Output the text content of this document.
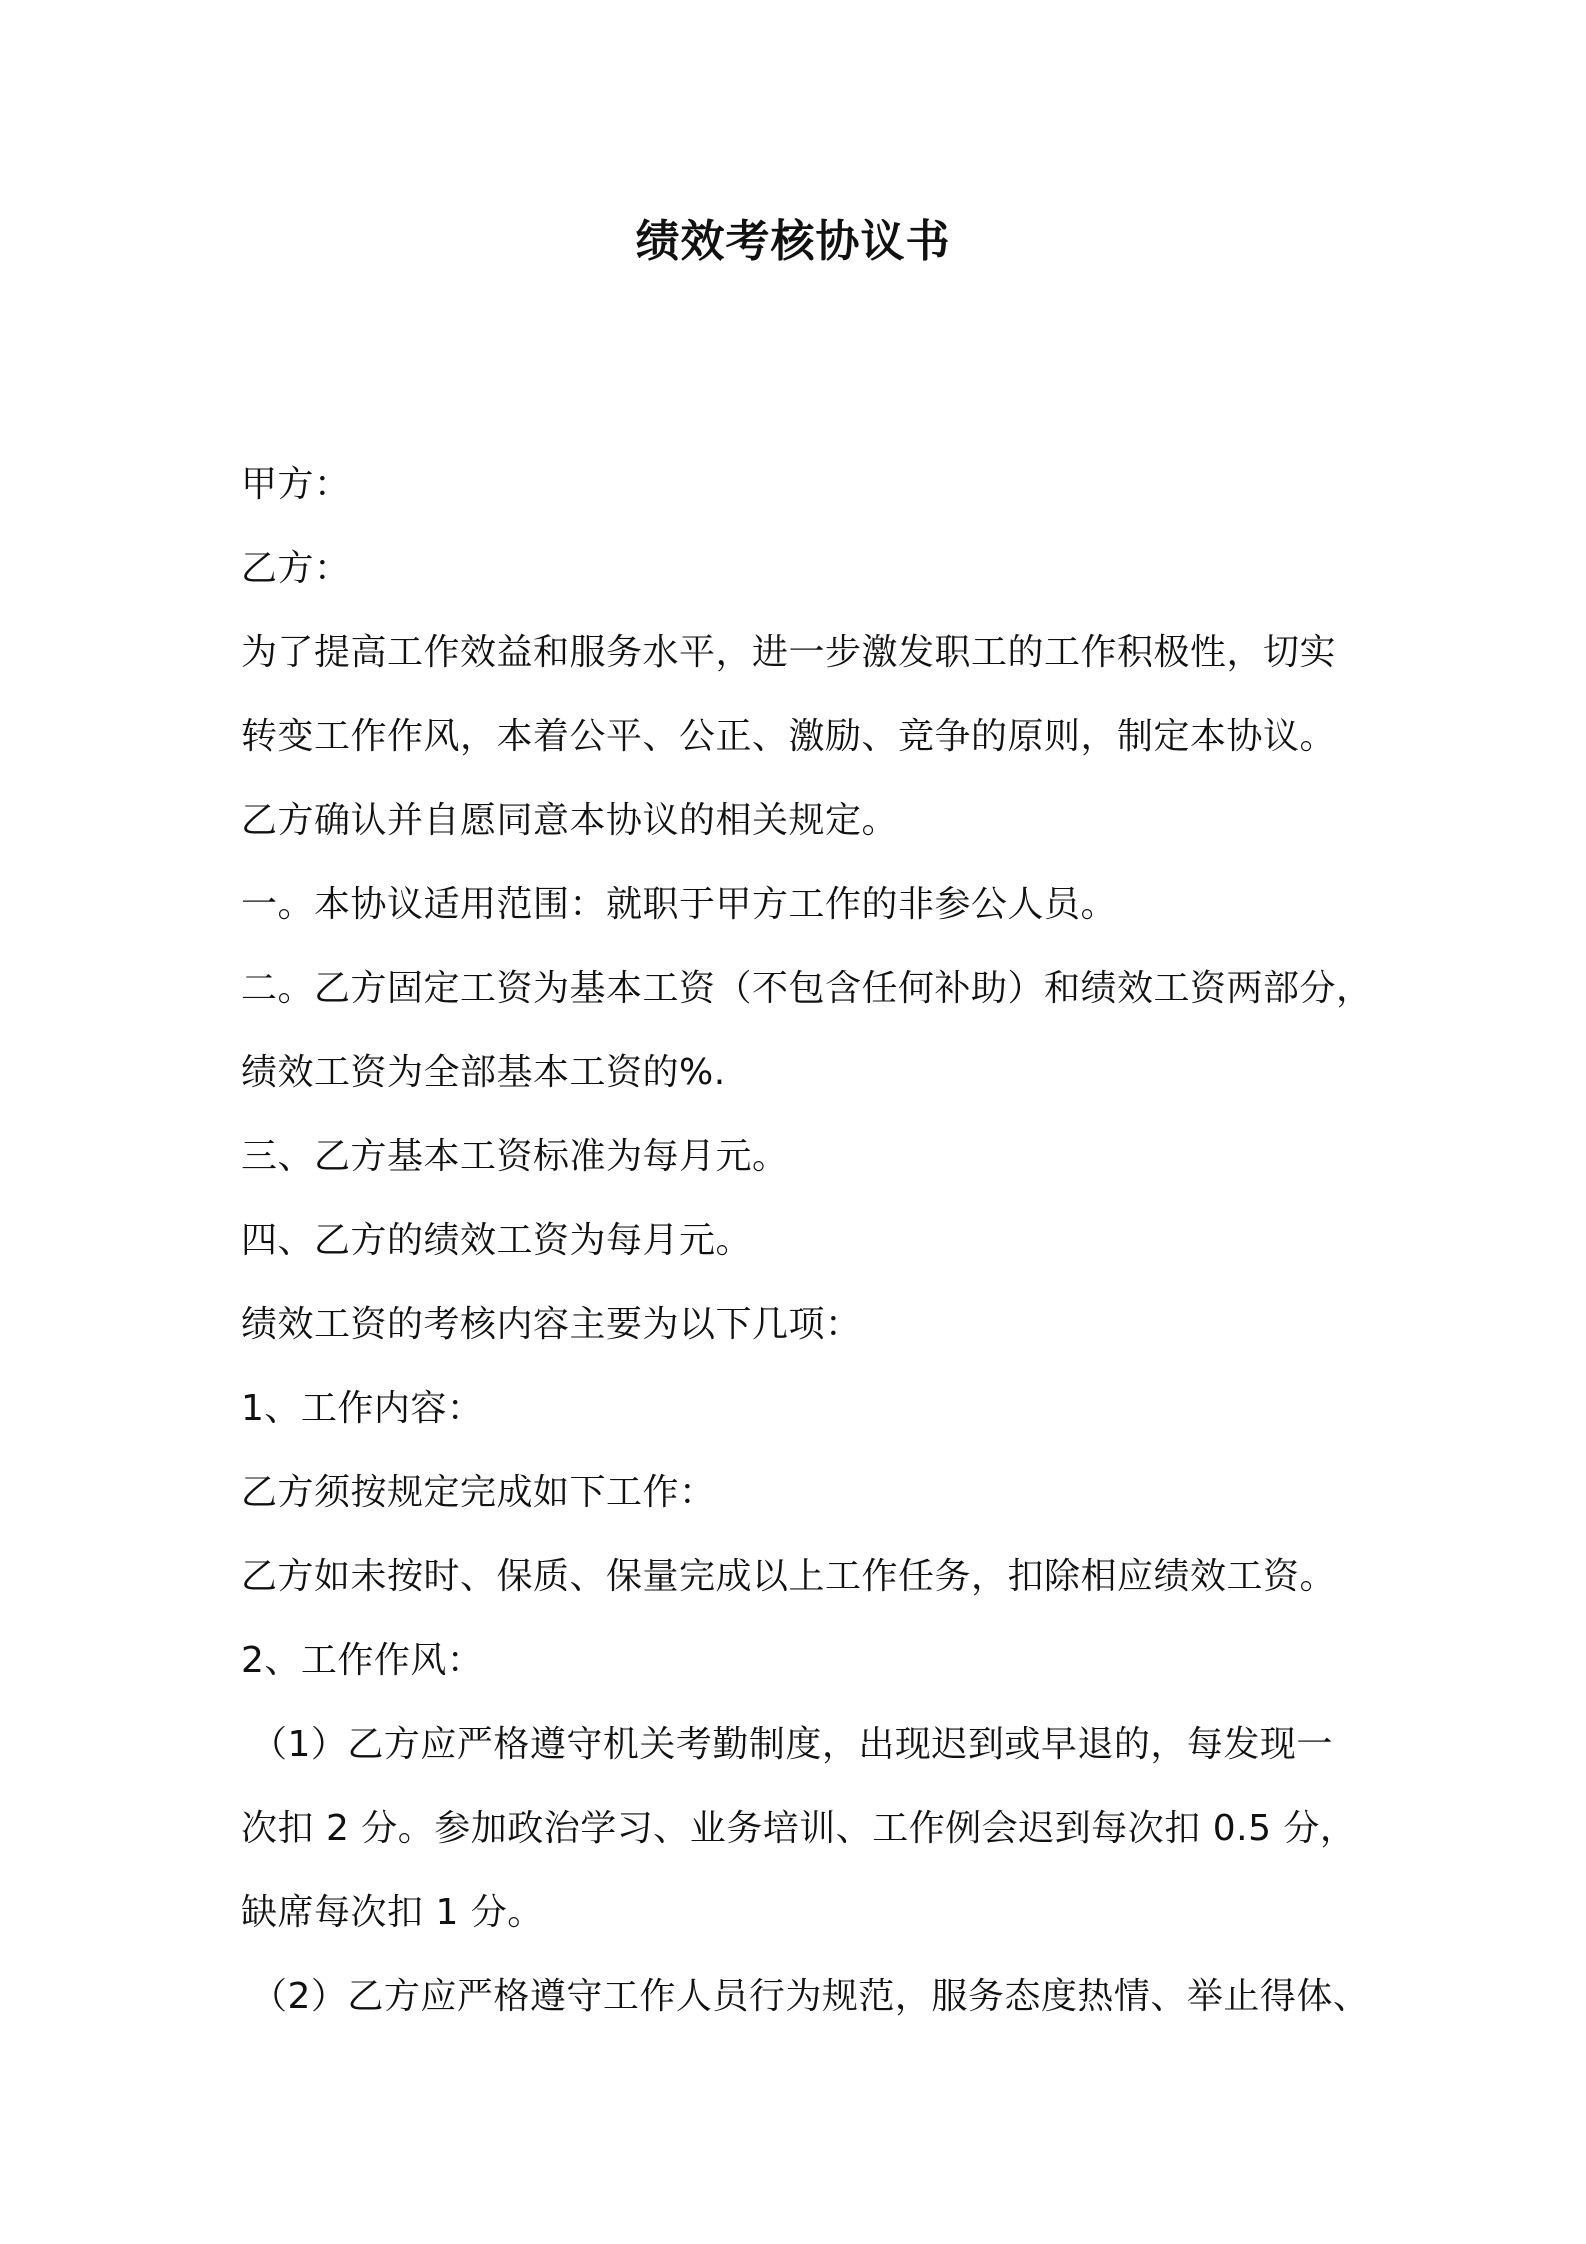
绩效考核协议书
甲方：
乙方：
为了提高工作效益和服务水平，进一步激发职工的工作积极性，切实
转变工作作风，本着公平、公正、激励、竞争的原则，制定本协议。
乙方确认并自愿同意本协议的相关规定。
一。本协议适用范围：就职于甲方工作的非参公人员。
二。乙方固定工资为基本工资（不包含任何补助）和绩效工资两部分，
绩效工资为全部基本工资的%.
三、乙方基本工资标准为每月元。
四、乙方的绩效工资为每月元。
绩效工资的考核内容主要为以下几项：
1、工作内容：
乙方须按规定完成如下工作：
乙方如未按时、保质、保量完成以上工作任务，扣除相应绩效工资。
2、工作作风：
（1）乙方应严格遵守机关考勤制度，出现迟到或早退的，每发现一
次扣 2 分。参加政治学习、业务培训、工作例会迟到每次扣 0.5 分，
缺席每次扣 1 分。
（2）乙方应严格遵守工作人员行为规范，服务态度热情、举止得体、
